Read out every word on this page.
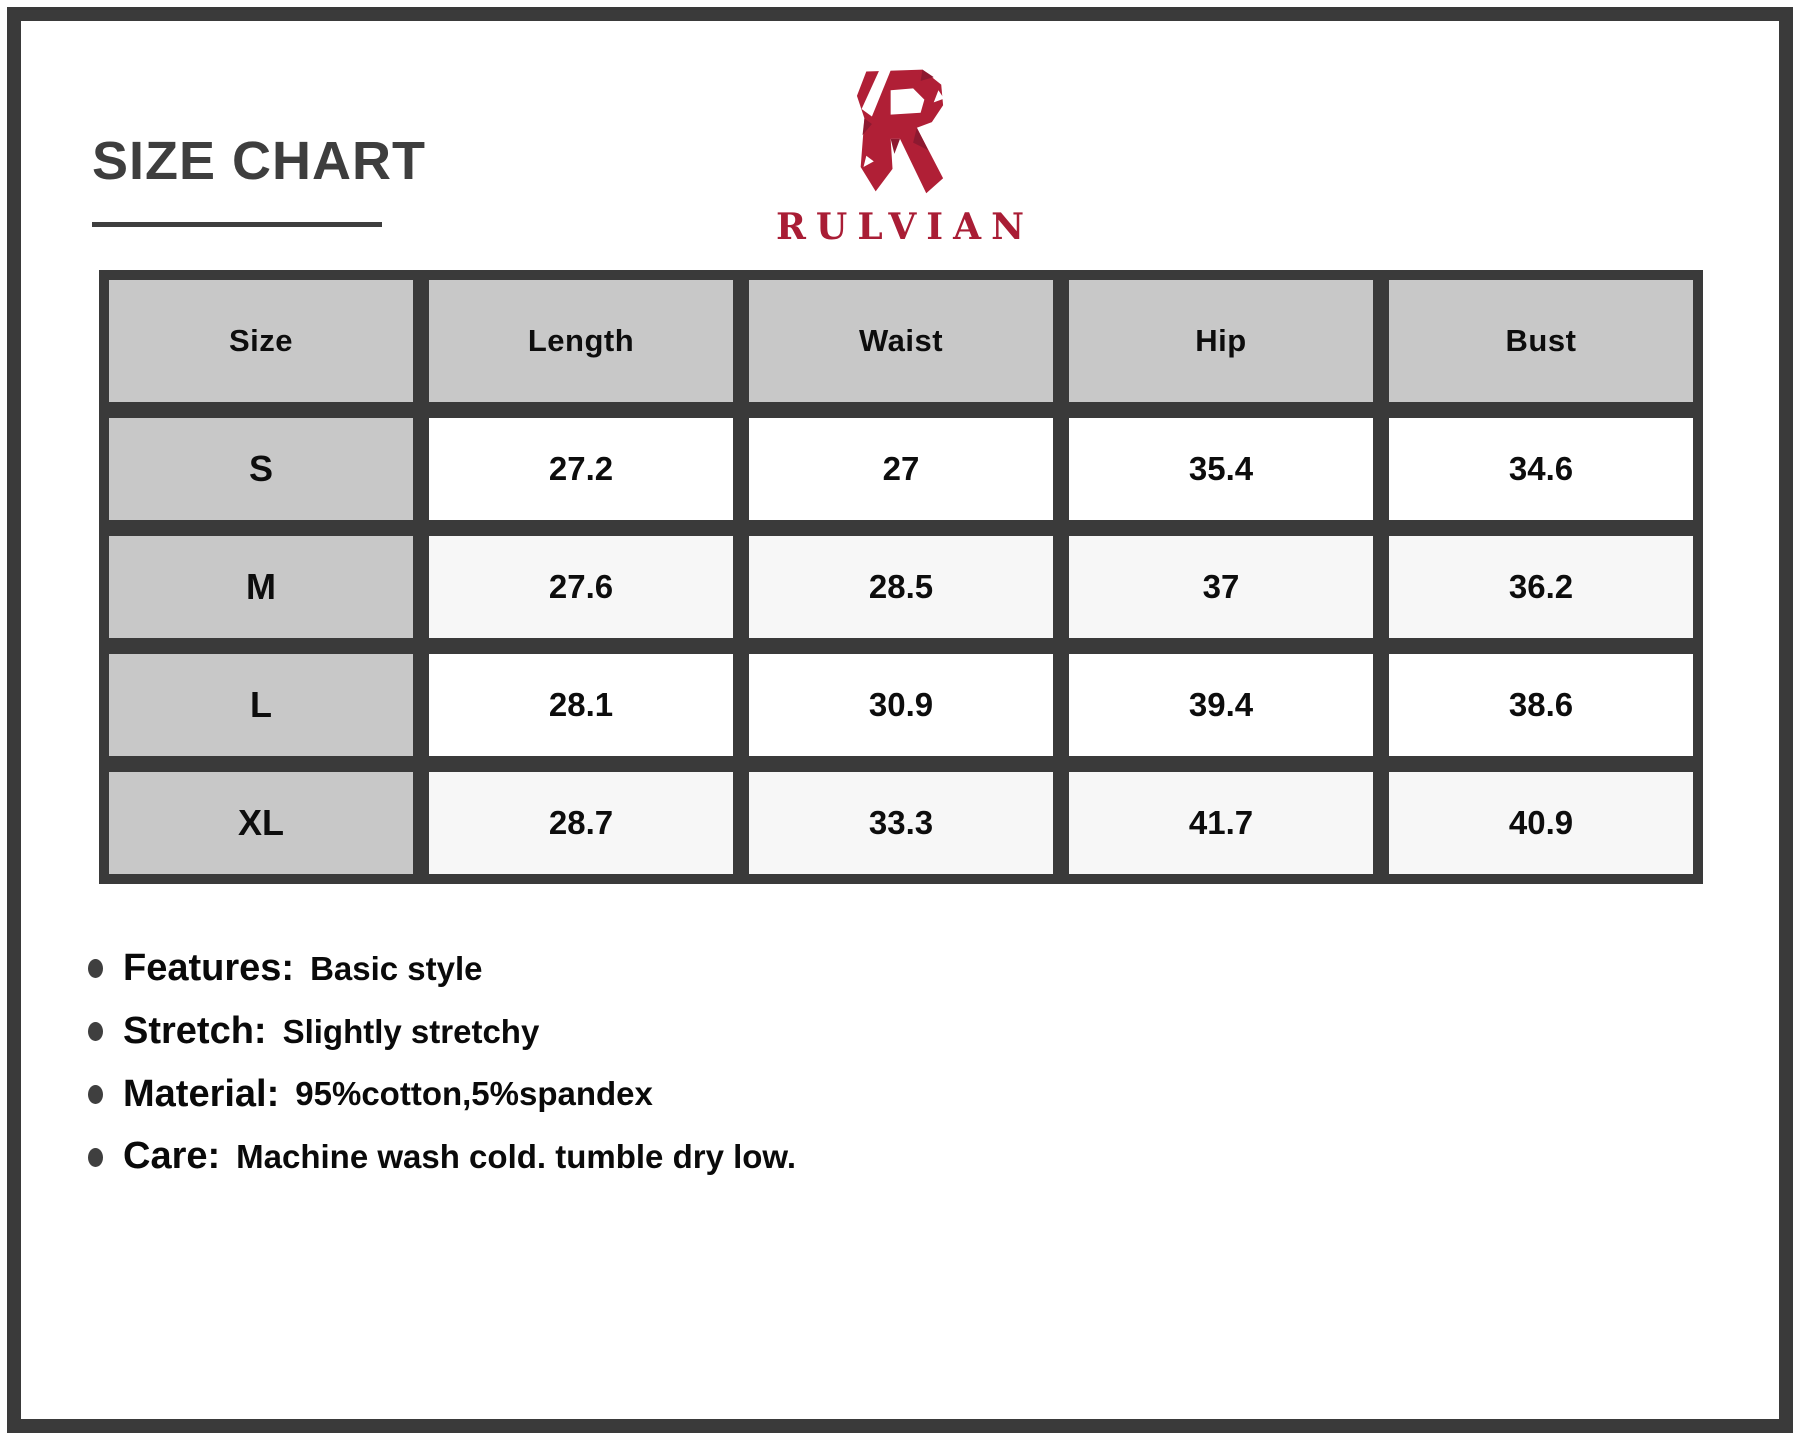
SIZE CHART
RULVIAN
Size	Length	Waist	Hip	Bust
S	27.2	27	35.4	34.6
M	27.6	28.5	37	36.2
L	28.1	30.9	39.4	38.6
XL	28.7	33.3	41.7	40.9
Features: Basic style
Stretch: Slightly stretchy
Material: 95%cotton,5%spandex
Care: Machine wash cold. tumble dry low.
